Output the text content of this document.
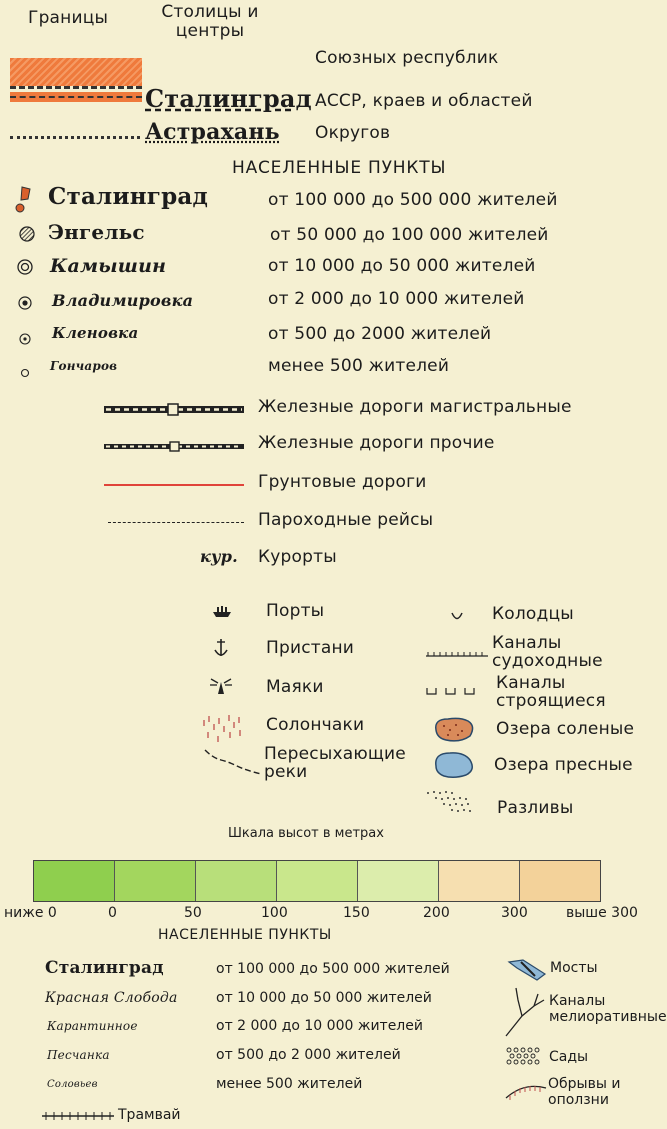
Границы	Столицы и центры
Союзных республик
Сталинград АССР, краев и областей
Астрахань Округов
НАСЕЛЕННЫЕ ПУНКТЫ
Сталинград	от 100 000 до 500 000 жителей
Энгельс	от 50 000 до 100 000 жителей
Камышин	от 10 000 до 50 000 жителей
Владимировка	от 2 000 до 10 000 жителей
Кленовка	от 500 до 2000 жителей
Гончаров	менее 500 жителей
Железные дороги магистральные
Железные дороги прочие
Грунтовые дороги
Пароходные рейсы
кур. Курорты
Порты
Пристани
Маяки
Солончаки
Пересыхающие реки
Колодцы
Каналы судоходные
Каналы строящиеся
Озера соленые
Озера пресные
Разливы
Шкала высот в метрах
ниже 0	0	50	100	150	200	300	выше 300
НАСЕЛЕННЫЕ ПУНКТЫ
Сталинград	от 100 000 до 500 000 жителей
Красная Слобода	от 10 000 до 50 000 жителей
Карантинное	от 2 000 до 10 000 жителей
Песчанка	от 500 до 2 000 жителей
Соловьев	менее 500 жителей
Трамвай
Мосты
Каналы мелиоративные
Сады
Обрывы и оползни
